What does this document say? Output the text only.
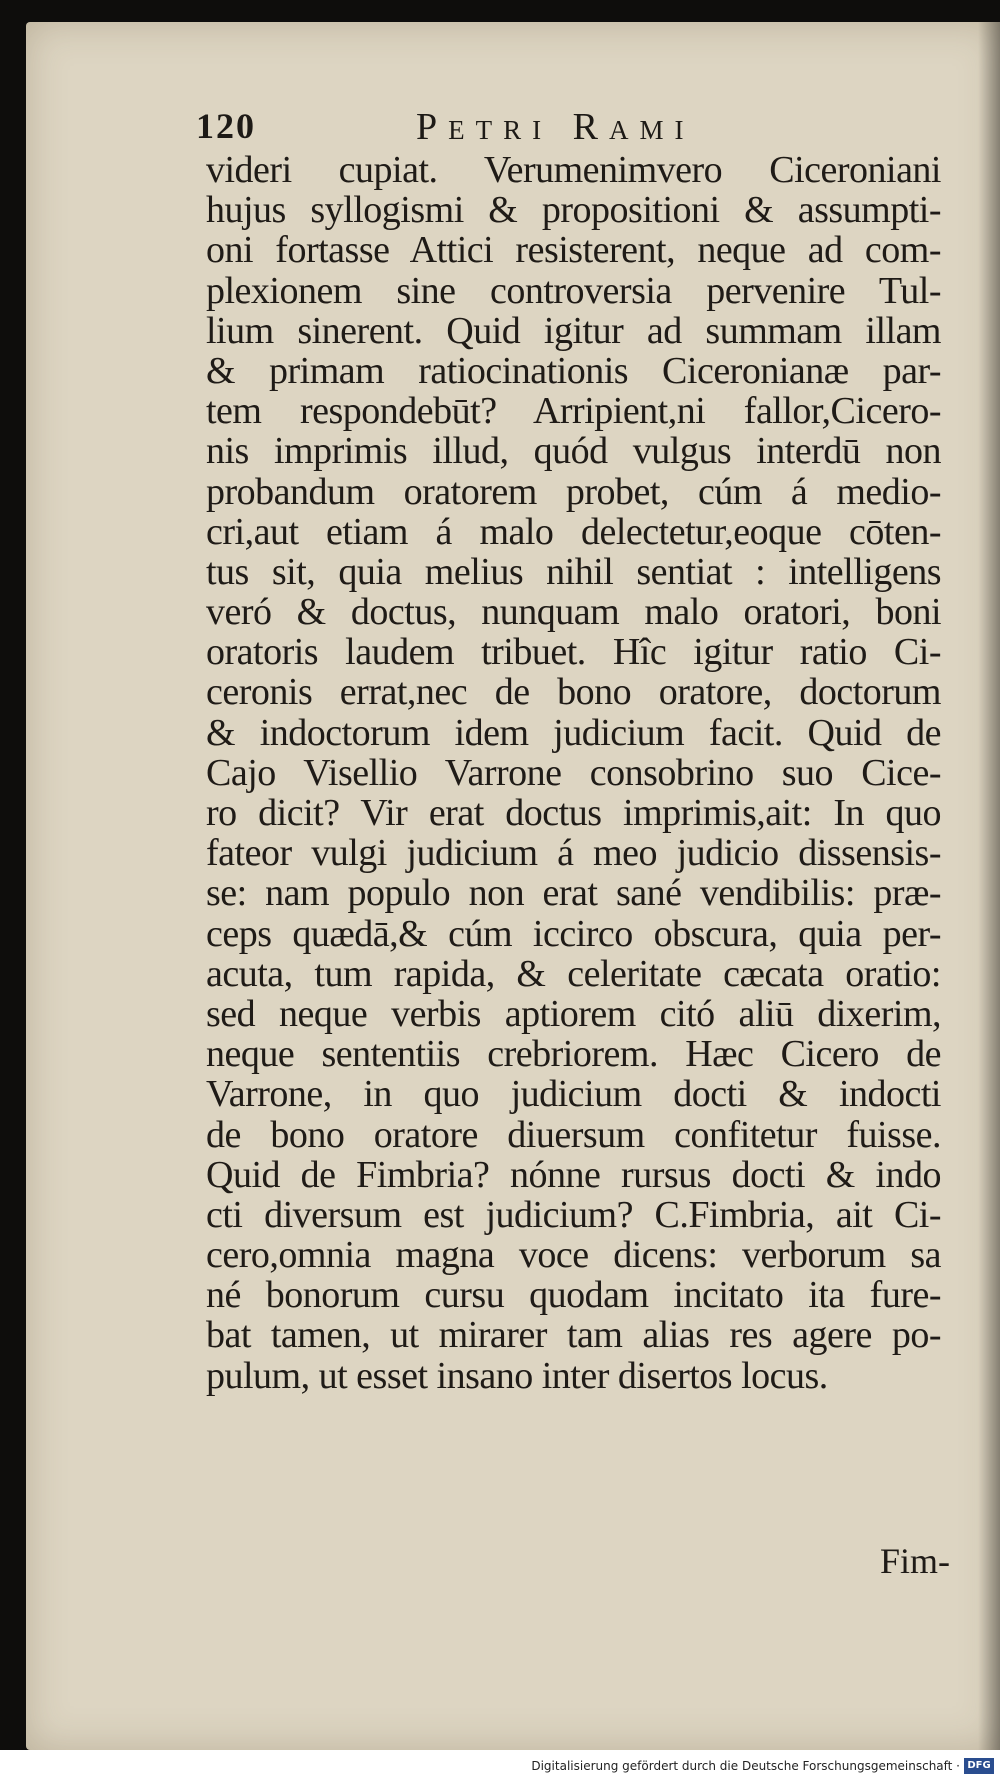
120	Petri Rami
videri cupiat. Verumenimvero Ciceroniani
hujus syllogismi & propositioni & assumpti-
oni fortasse Attici resisterent, neque ad com-
plexionem sine controversia pervenire Tul-
lium sinerent. Quid igitur ad summam illam
& primam ratiocinationis Ciceronianæ par-
tem respondebūt? Arripient,ni fallor,Cicero-
nis imprimis illud, quód vulgus interdū non
probandum oratorem probet, cúm á medio-
cri,aut etiam á malo delectetur,eoque cōten-
tus sit, quia melius nihil sentiat : intelligens
veró & doctus, nunquam malo oratori, boni
oratoris laudem tribuet. Hîc igitur ratio Ci-
ceronis errat,nec de bono oratore, doctorum
& indoctorum idem judicium facit. Quid de
Cajo Visellio Varrone consobrino suo Cice-
ro dicit? Vir erat doctus imprimis,ait: In quo
fateor vulgi judicium á meo judicio dissensis-
se: nam populo non erat sané vendibilis: præ-
ceps quædā,& cúm iccirco obscura, quia per-
acuta, tum rapida, & celeritate cæcata oratio:
sed neque verbis aptiorem citó aliū dixerim,
neque sententiis crebriorem. Hæc Cicero de
Varrone, in quo judicium docti & indocti
de bono oratore diuersum confitetur fuisse.
Quid de Fimbria? nónne rursus docti & indo
cti diversum est judicium? C.Fimbria, ait Ci-
cero,omnia magna voce dicens: verborum sa
né bonorum cursu quodam incitato ita fure-
bat tamen, ut mirarer tam alias res agere po-
pulum, ut esset insano inter disertos locus.
Fim-
Digitalisierung gefördert durch die Deutsche Forschungsgemeinschaft · DFG
